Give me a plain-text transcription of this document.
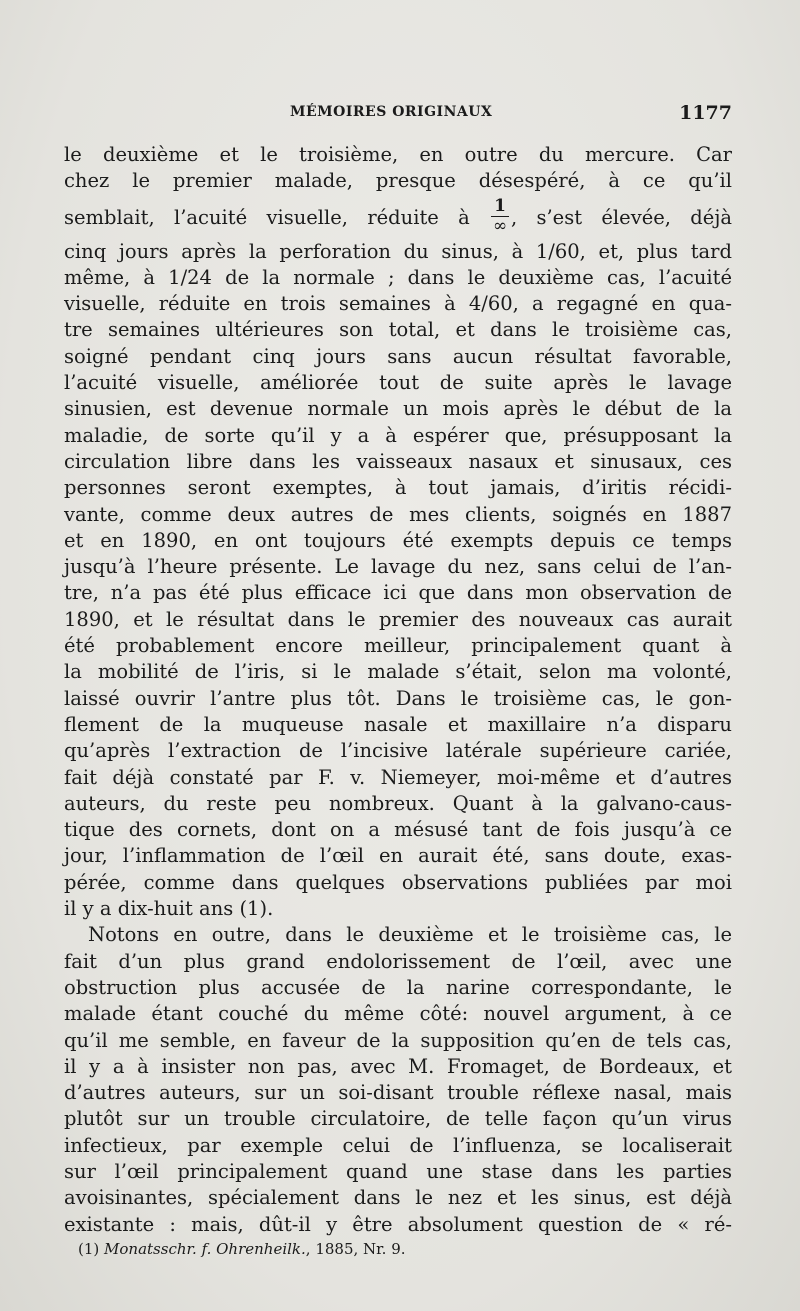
MÉMOIRES ORIGINAUX	1177
le deuxième et le troisième, en outre du mercure. Car
chez le premier malade, presque désespéré, à ce qu’il
semblait, l’acuité visuelle, réduite à $\frac{1}{\infty}$ , s’est élevée, déjà
cinq jours après la perforation du sinus, à 1/60, et, plus tard
même, à 1/24 de la normale ; dans le deuxième cas, l’acuité
visuelle, réduite en trois semaines à 4/60, a regagné en qua-
tre semaines ultérieures son total, et dans le troisième cas,
soigné pendant cinq jours sans aucun résultat favorable,
l’acuité visuelle, améliorée tout de suite après le lavage
sinusien, est devenue normale un mois après le début de la
maladie, de sorte qu’il y a à espérer que, présupposant la
circulation libre dans les vaisseaux nasaux et sinusaux, ces
personnes seront exemptes, à tout jamais, d’iritis récidi-
vante, comme deux autres de mes clients, soignés en 1887
et en 1890, en ont toujours été exempts depuis ce temps
jusqu’à l’heure présente. Le lavage du nez, sans celui de l’an-
tre, n’a pas été plus efficace ici que dans mon observation de
1890, et le résultat dans le premier des nouveaux cas aurait
été probablement encore meilleur, principalement quant à
la mobilité de l’iris, si le malade s’était, selon ma volonté,
laissé ouvrir l’antre plus tôt. Dans le troisième cas, le gon-
flement de la muqueuse nasale et maxillaire n’a disparu
qu’après l’extraction de l’incisive latérale supérieure cariée,
fait déjà constaté par F. v. Niemeyer, moi-même et d’autres
auteurs, du reste peu nombreux. Quant à la galvano-caus-
tique des cornets, dont on a mésusé tant de fois jusqu’à ce
jour, l’inflammation de l’œil en aurait été, sans doute, exas-
pérée, comme dans quelques observations publiées par moi
il y a dix-huit ans (1).
Notons en outre, dans le deuxième et le troisième cas, le
fait d’un plus grand endolorissement de l’œil, avec une
obstruction plus accusée de la narine correspondante, le
malade étant couché du même côté: nouvel argument, à ce
qu’il me semble, en faveur de la supposition qu’en de tels cas,
il y a à insister non pas, avec M. Fromaget, de Bordeaux, et
d’autres auteurs, sur un soi-disant trouble réflexe nasal, mais
plutôt sur un trouble circulatoire, de telle façon qu’un virus
infectieux, par exemple celui de l’influenza, se localiserait
sur l’œil principalement quand une stase dans les parties
avoisinantes, spécialement dans le nez et les sinus, est déjà
existante : mais, dût-il y être absolument question de « ré-
(1) Monatsschr. f. Ohrenheilk., 1885, Nr. 9.
